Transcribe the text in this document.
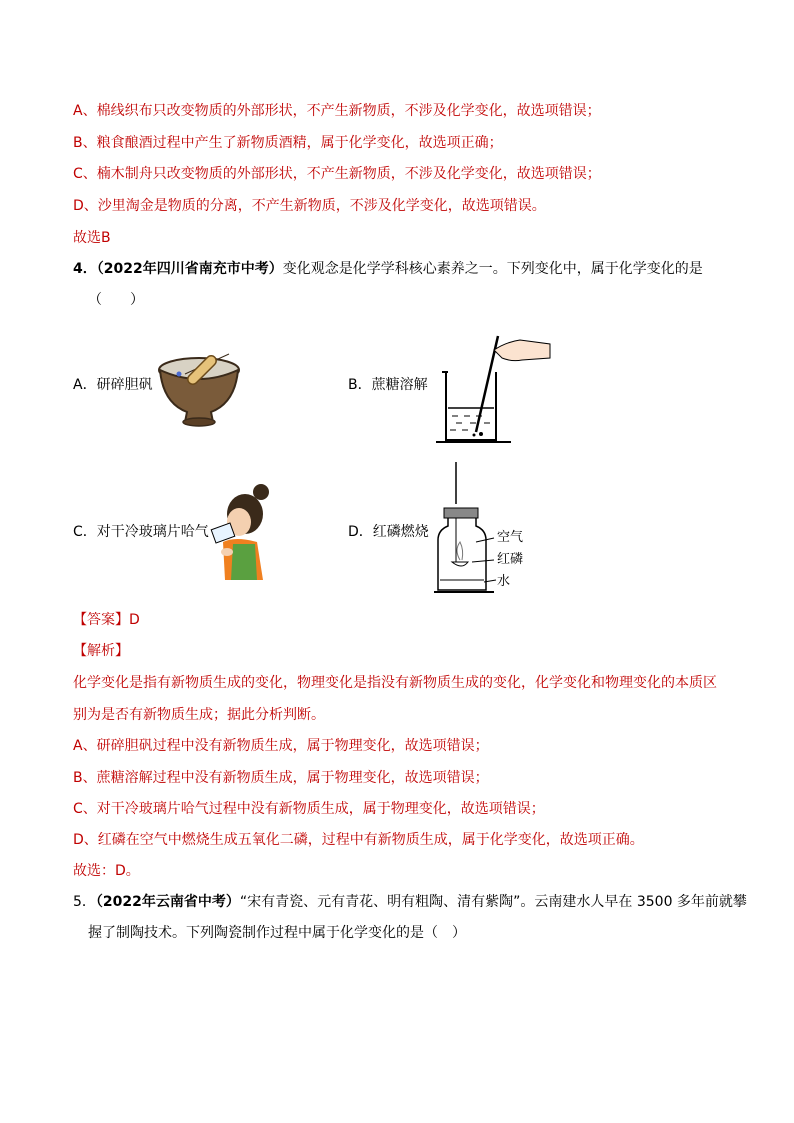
A、棉线织布只改变物质的外部形状，不产生新物质，不涉及化学变化，故选项错误；
B、粮食酿酒过程中产生了新物质酒精，属于化学变化，故选项正确；
C、楠木制舟只改变物质的外部形状，不产生新物质，不涉及化学变化，故选项错误；
D、沙里淘金是物质的分离，不产生新物质，不涉及化学变化，故选项错误。
故选B
4．（2022年四川省南充市中考）变化观念是化学学科核心素养之一。下列变化中，属于化学变化的是
（　　）
A．研碎胆矾	B．蔗糖溶解
C．对干冷玻璃片哈气	D．红磷燃烧	空气
红磷
水
【答案】D
【解析】
化学变化是指有新物质生成的变化，物理变化是指没有新物质生成的变化，化学变化和物理变化的本质区
别为是否有新物质生成；据此分析判断。
A、研碎胆矾过程中没有新物质生成，属于物理变化，故选项错误；
B、蔗糖溶解过程中没有新物质生成，属于物理变化，故选项错误；
C、对干冷玻璃片哈气过程中没有新物质生成，属于物理变化，故选项错误；
D、红磷在空气中燃烧生成五氧化二磷，过程中有新物质生成，属于化学变化，故选项正确。
故选：D。
5．（2022年云南省中考）“宋有青瓷、元有青花、明有粗陶、清有紫陶”。云南建水人早在 3500 多年前就攀
握了制陶技术。下列陶瓷制作过程中属于化学变化的是（　）
